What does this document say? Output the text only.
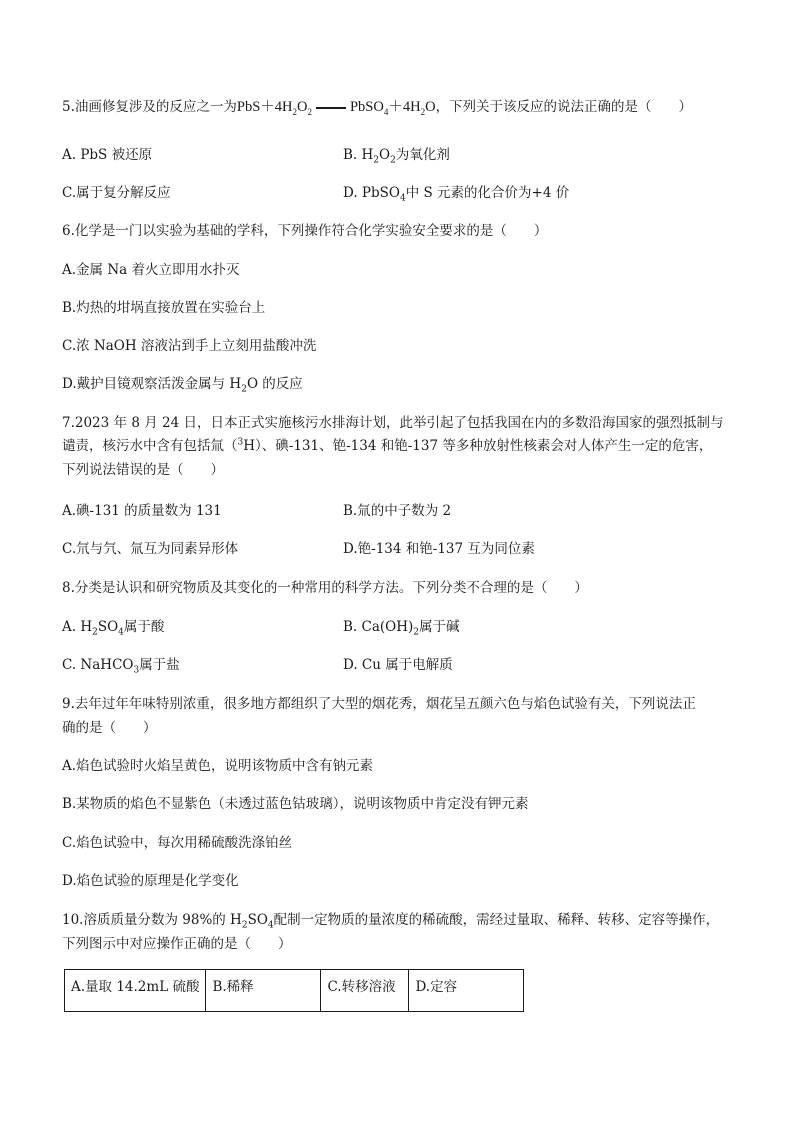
5.油画修复涉及的反应之一为$PbS+4H_2O_2$	$PbSO_4+4H_2O$，下列关于该反应的说法正确的是（　　）
A. PbS 被还原	B. $H_2O_2$为氧化剂
C.属于复分解反应	D. PbSO$_4$中 S 元素的化合价为+4 价
6.化学是一门以实验为基础的学科，下列操作符合化学实验安全要求的是（　　）
A.金属 Na 着火立即用水扑灭
B.灼热的坩埚直接放置在实验台上
C.浓 NaOH 溶液沾到手上立刻用盐酸冲洗
D.戴护目镜观察活泼金属与 $H_2O$ 的反应
7.2023 年 8 月 24 日，日本正式实施核污水排海计划，此举引起了包括我国在内的多数沿海国家的强烈抵制与
谴责，核污水中含有包括氚（$^3$H）、碘-131、铯-134 和铯-137 等多种放射性核素会对人体产生一定的危害，
下列说法错误的是（　　）
A.碘-131 的质量数为 131	B.氚的中子数为 2
C.氘与氕、氚互为同素异形体	D.铯-134 和铯-137 互为同位素
8.分类是认识和研究物质及其变化的一种常用的科学方法。下列分类不合理的是（　　）
A. $H_2SO_4$属于酸	B. $Ca(OH)_2$属于碱
C. NaHCO$_3$属于盐	D. Cu 属于电解质
9.去年过年年味特别浓重，很多地方都组织了大型的烟花秀，烟花呈五颜六色与焰色试验有关，下列说法正
确的是（　　）
A.焰色试验时火焰呈黄色，说明该物质中含有钠元素
B.某物质的焰色不显紫色（未透过蓝色钴玻璃），说明该物质中肯定没有钾元素
C.焰色试验中，每次用稀硫酸洗涤铂丝
D.焰色试验的原理是化学变化
10.溶质质量分数为 98%的 $H_2SO_4$配制一定物质的量浓度的稀硫酸，需经过量取、稀释、转移、定容等操作，
下列图示中对应操作正确的是（　　）
A.量取 14.2mL 硫酸	B.稀释	C.转移溶液	D.定容
